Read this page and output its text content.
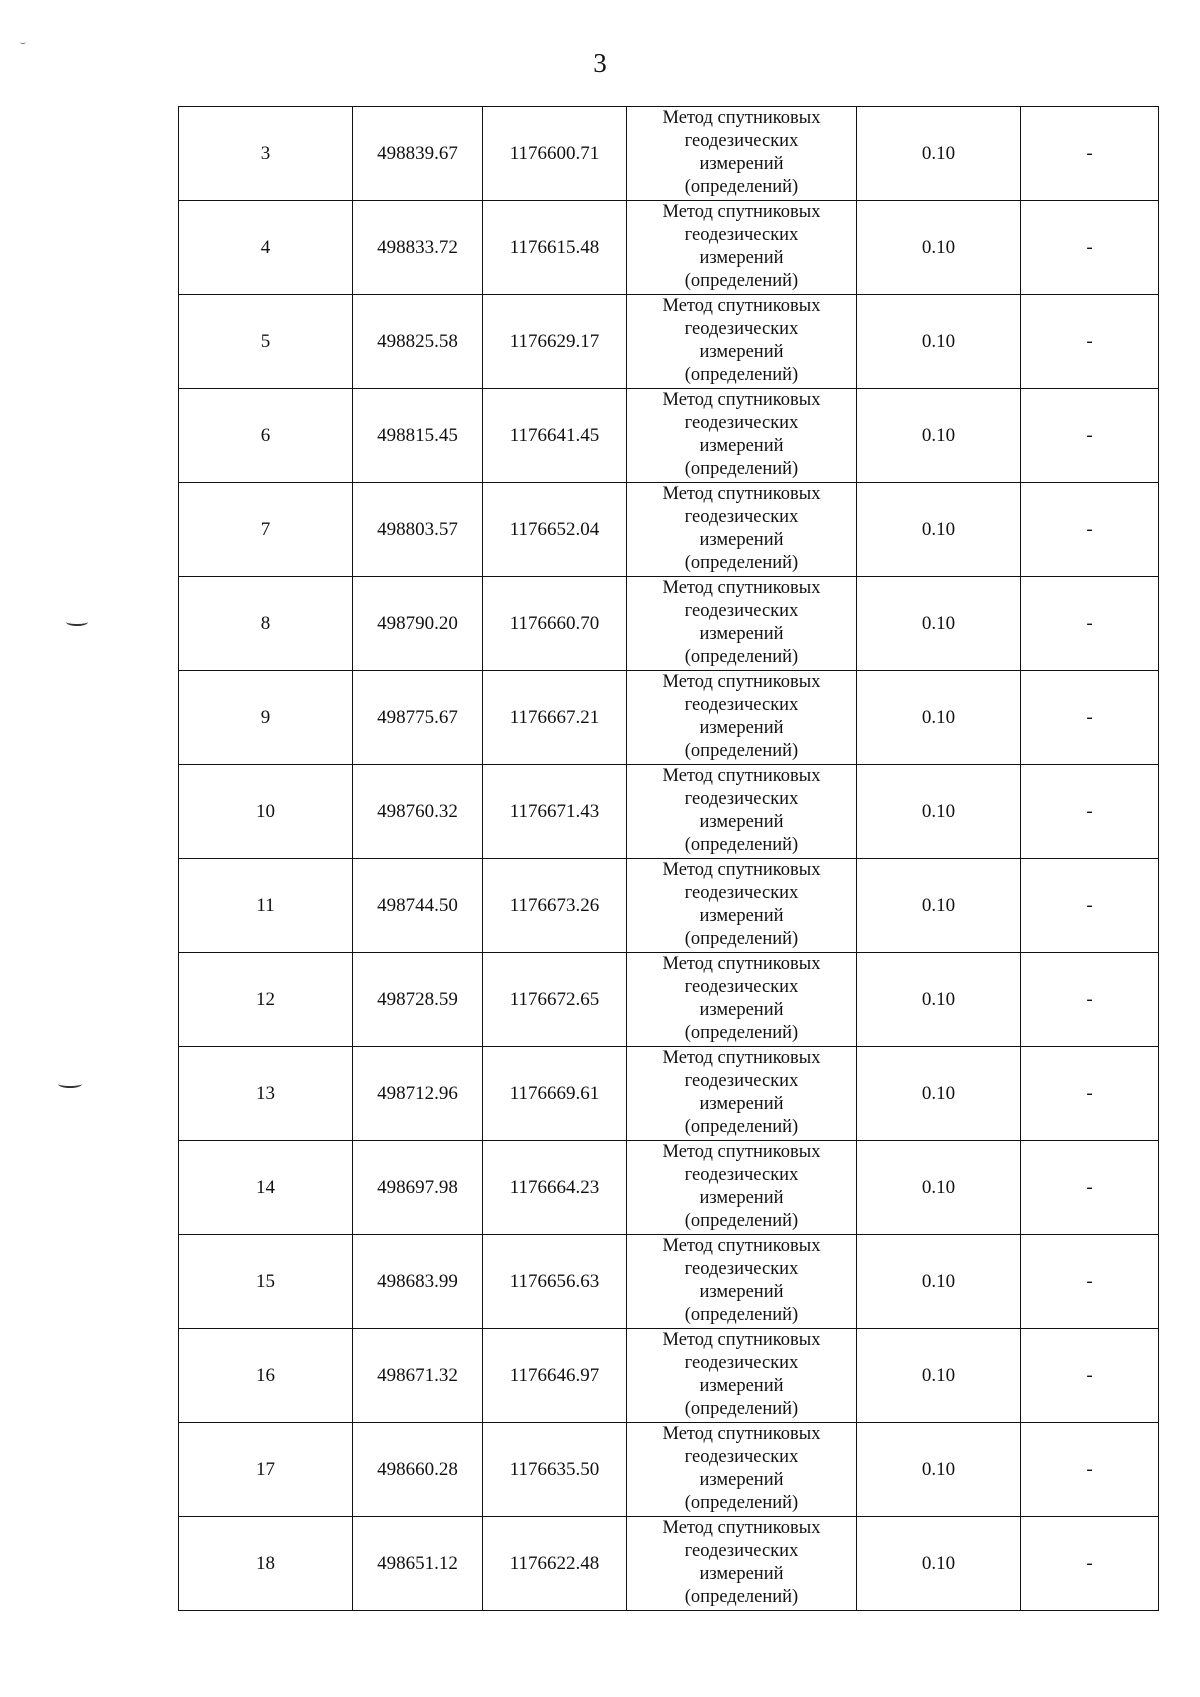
3
3	498839.67	1176600.71	Метод спутниковых
геодезических
измерений
(определений)	0.10	-
4	498833.72	1176615.48	Метод спутниковых
геодезических
измерений
(определений)	0.10	-
5	498825.58	1176629.17	Метод спутниковых
геодезических
измерений
(определений)	0.10	-
6	498815.45	1176641.45	Метод спутниковых
геодезических
измерений
(определений)	0.10	-
7	498803.57	1176652.04	Метод спутниковых
геодезических
измерений
(определений)	0.10	-
8	498790.20	1176660.70	Метод спутниковых
геодезических
измерений
(определений)	0.10	-
9	498775.67	1176667.21	Метод спутниковых
геодезических
измерений
(определений)	0.10	-
10	498760.32	1176671.43	Метод спутниковых
геодезических
измерений
(определений)	0.10	-
11	498744.50	1176673.26	Метод спутниковых
геодезических
измерений
(определений)	0.10	-
12	498728.59	1176672.65	Метод спутниковых
геодезических
измерений
(определений)	0.10	-
13	498712.96	1176669.61	Метод спутниковых
геодезических
измерений
(определений)	0.10	-
14	498697.98	1176664.23	Метод спутниковых
геодезических
измерений
(определений)	0.10	-
15	498683.99	1176656.63	Метод спутниковых
геодезических
измерений
(определений)	0.10	-
16	498671.32	1176646.97	Метод спутниковых
геодезических
измерений
(определений)	0.10	-
17	498660.28	1176635.50	Метод спутниковых
геодезических
измерений
(определений)	0.10	-
18	498651.12	1176622.48	Метод спутниковых
геодезических
измерений
(определений)	0.10	-
